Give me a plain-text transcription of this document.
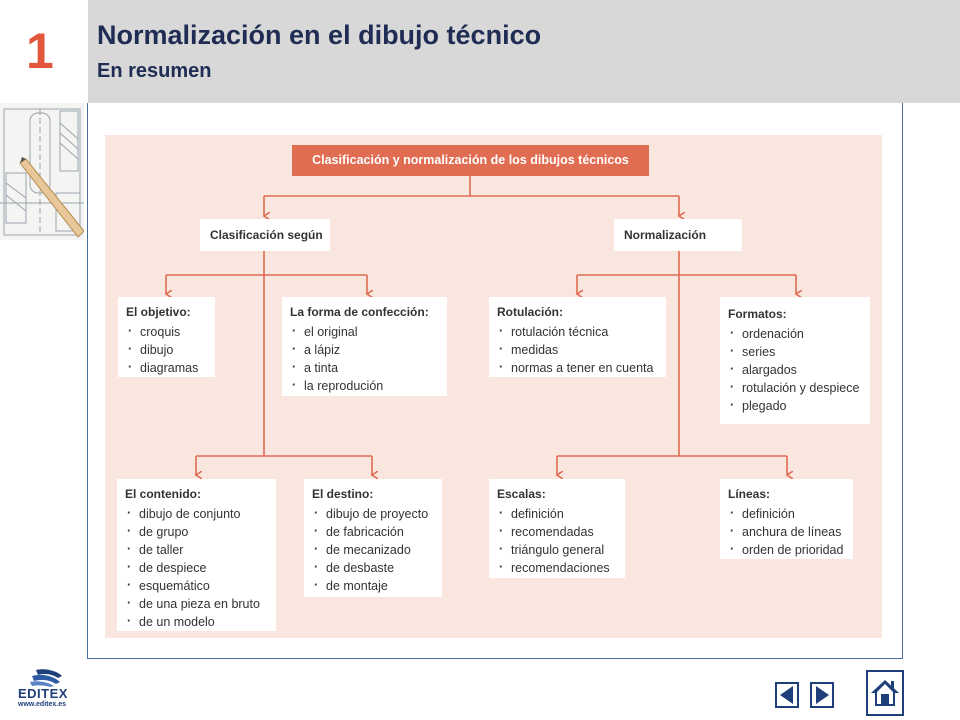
1 Normalización en el dibujo técnico
En resumen
Clasificación y normalización de los dibujos técnicos
Clasificación según	Normalización
El objetivo:
· croquis
· dibujo
· diagramas
La forma de confección:
· el original
· a lápiz
· a tinta
· la reprodución
El contenido:
· dibujo de conjunto
· de grupo
· de taller
· de despiece
· esquemático
· de una pieza en bruto
· de un modelo
El destino:
· dibujo de proyecto
· de fabricación
· de mecanizado
· de desbaste
· de montaje
Rotulación:
· rotulación técnica
· medidas
· normas a tener en cuenta
Formatos:
· ordenación
· series
· alargados
· rotulación y despiece
· plegado
Escalas:
· definición
· recomendadas
· triángulo general
· recomendaciones
Líneas:
· definición
· anchura de líneas
· orden de prioridad
EDITEX
www.editex.es
